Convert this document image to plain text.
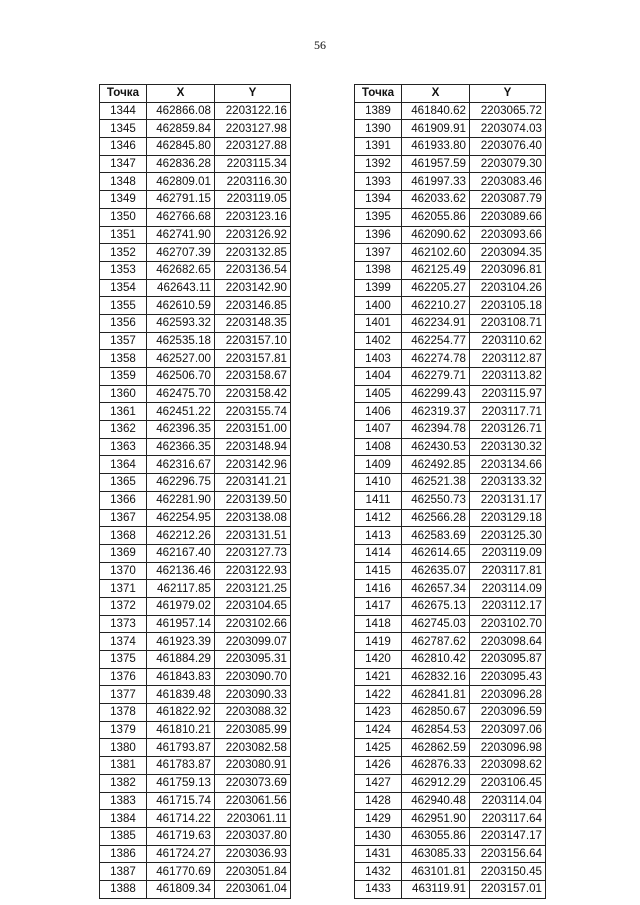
56
Точка	X	Y
1344	462866.08	2203122.16
1345	462859.84	2203127.98
1346	462845.80	2203127.88
1347	462836.28	2203115.34
1348	462809.01	2203116.30
1349	462791.15	2203119.05
1350	462766.68	2203123.16
1351	462741.90	2203126.92
1352	462707.39	2203132.85
1353	462682.65	2203136.54
1354	462643.11	2203142.90
1355	462610.59	2203146.85
1356	462593.32	2203148.35
1357	462535.18	2203157.10
1358	462527.00	2203157.81
1359	462506.70	2203158.67
1360	462475.70	2203158.42
1361	462451.22	2203155.74
1362	462396.35	2203151.00
1363	462366.35	2203148.94
1364	462316.67	2203142.96
1365	462296.75	2203141.21
1366	462281.90	2203139.50
1367	462254.95	2203138.08
1368	462212.26	2203131.51
1369	462167.40	2203127.73
1370	462136.46	2203122.93
1371	462117.85	2203121.25
1372	461979.02	2203104.65
1373	461957.14	2203102.66
1374	461923.39	2203099.07
1375	461884.29	2203095.31
1376	461843.83	2203090.70
1377	461839.48	2203090.33
1378	461822.92	2203088.32
1379	461810.21	2203085.99
1380	461793.87	2203082.58
1381	461783.87	2203080.91
1382	461759.13	2203073.69
1383	461715.74	2203061.56
1384	461714.22	2203061.11
1385	461719.63	2203037.80
1386	461724.27	2203036.93
1387	461770.69	2203051.84
1388	461809.34	2203061.04
Точка	X	Y
1389	461840.62	2203065.72
1390	461909.91	2203074.03
1391	461933.80	2203076.40
1392	461957.59	2203079.30
1393	461997.33	2203083.46
1394	462033.62	2203087.79
1395	462055.86	2203089.66
1396	462090.62	2203093.66
1397	462102.60	2203094.35
1398	462125.49	2203096.81
1399	462205.27	2203104.26
1400	462210.27	2203105.18
1401	462234.91	2203108.71
1402	462254.77	2203110.62
1403	462274.78	2203112.87
1404	462279.71	2203113.82
1405	462299.43	2203115.97
1406	462319.37	2203117.71
1407	462394.78	2203126.71
1408	462430.53	2203130.32
1409	462492.85	2203134.66
1410	462521.38	2203133.32
1411	462550.73	2203131.17
1412	462566.28	2203129.18
1413	462583.69	2203125.30
1414	462614.65	2203119.09
1415	462635.07	2203117.81
1416	462657.34	2203114.09
1417	462675.13	2203112.17
1418	462745.03	2203102.70
1419	462787.62	2203098.64
1420	462810.42	2203095.87
1421	462832.16	2203095.43
1422	462841.81	2203096.28
1423	462850.67	2203096.59
1424	462854.53	2203097.06
1425	462862.59	2203096.98
1426	462876.33	2203098.62
1427	462912.29	2203106.45
1428	462940.48	2203114.04
1429	462951.90	2203117.64
1430	463055.86	2203147.17
1431	463085.33	2203156.64
1432	463101.81	2203150.45
1433	463119.91	2203157.01
